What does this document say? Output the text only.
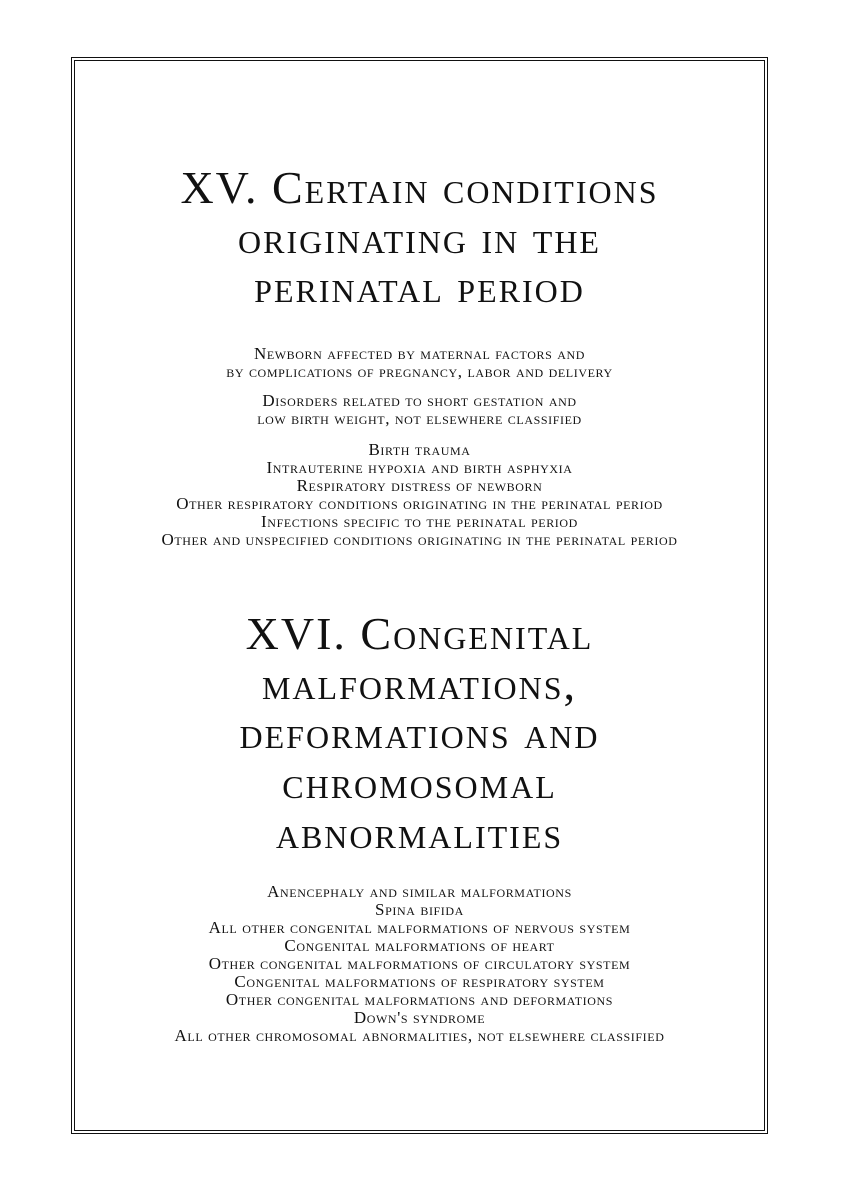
XV. Certain conditions
originating in the
perinatal period
Newborn affected by maternal factors and
by complications of pregnancy, labor and delivery
Disorders related to short gestation and
low birth weight, not elsewhere classified
Birth trauma
Intrauterine hypoxia and birth asphyxia
Respiratory distress of newborn
Other respiratory conditions originating in the perinatal period
Infections specific to the perinatal period
Other and unspecified conditions originating in the perinatal period
XVI. Congenital
malformations,
deformations and
chromosomal
abnormalities
Anencephaly and similar malformations
Spina bifida
All other congenital malformations of nervous system
Congenital malformations of heart
Other congenital malformations of circulatory system
Congenital malformations of respiratory system
Other congenital malformations and deformations
Down's syndrome
All other chromosomal abnormalities, not elsewhere classified
